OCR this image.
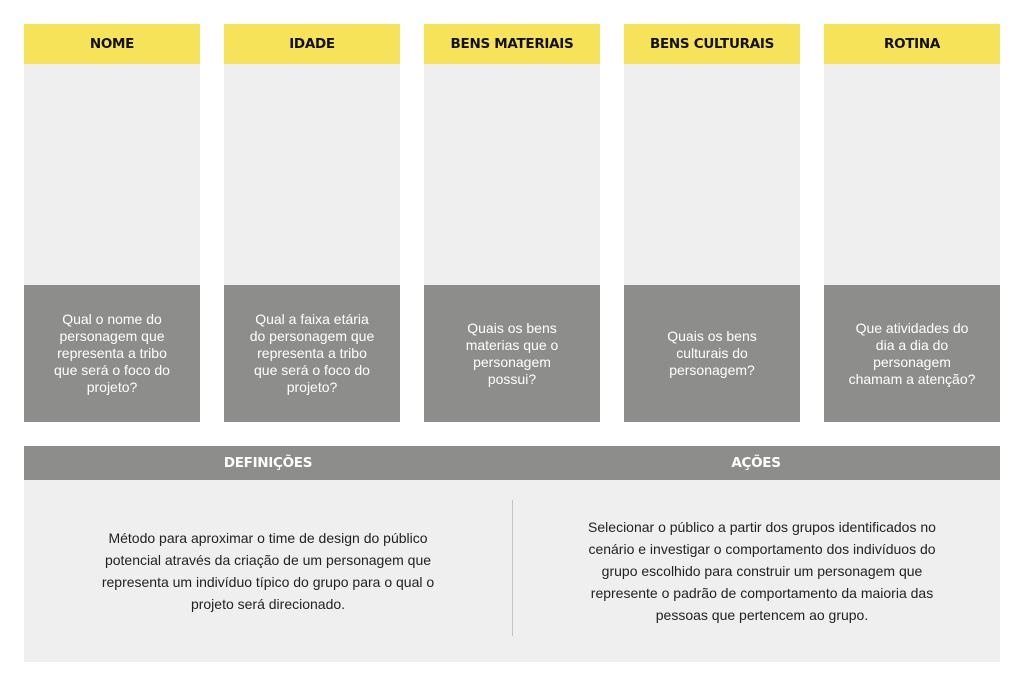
NOME
Qual o nome do personagem que representa a tribo que será o foco do projeto?
IDADE
Qual a faixa etária do personagem que representa a tribo que será o foco do projeto?
BENS MATERIAIS
Quais os bens materias que o personagem possui?
BENS CULTURAIS
Quais os bens culturais do personagem?
ROTINA
Que atividades do dia a dia do personagem chamam a atenção?
DEFINIÇÕES	AÇÕES
Método para aproximar o time de design do público potencial através da criação de um personagem que representa um indivíduo típico do grupo para o qual o projeto será direcionado.
Selecionar o público a partir dos grupos identificados no cenário e investigar o comportamento dos indivíduos do grupo escolhido para construir um personagem que represente o padrão de comportamento da maioria das pessoas que pertencem ao grupo.
